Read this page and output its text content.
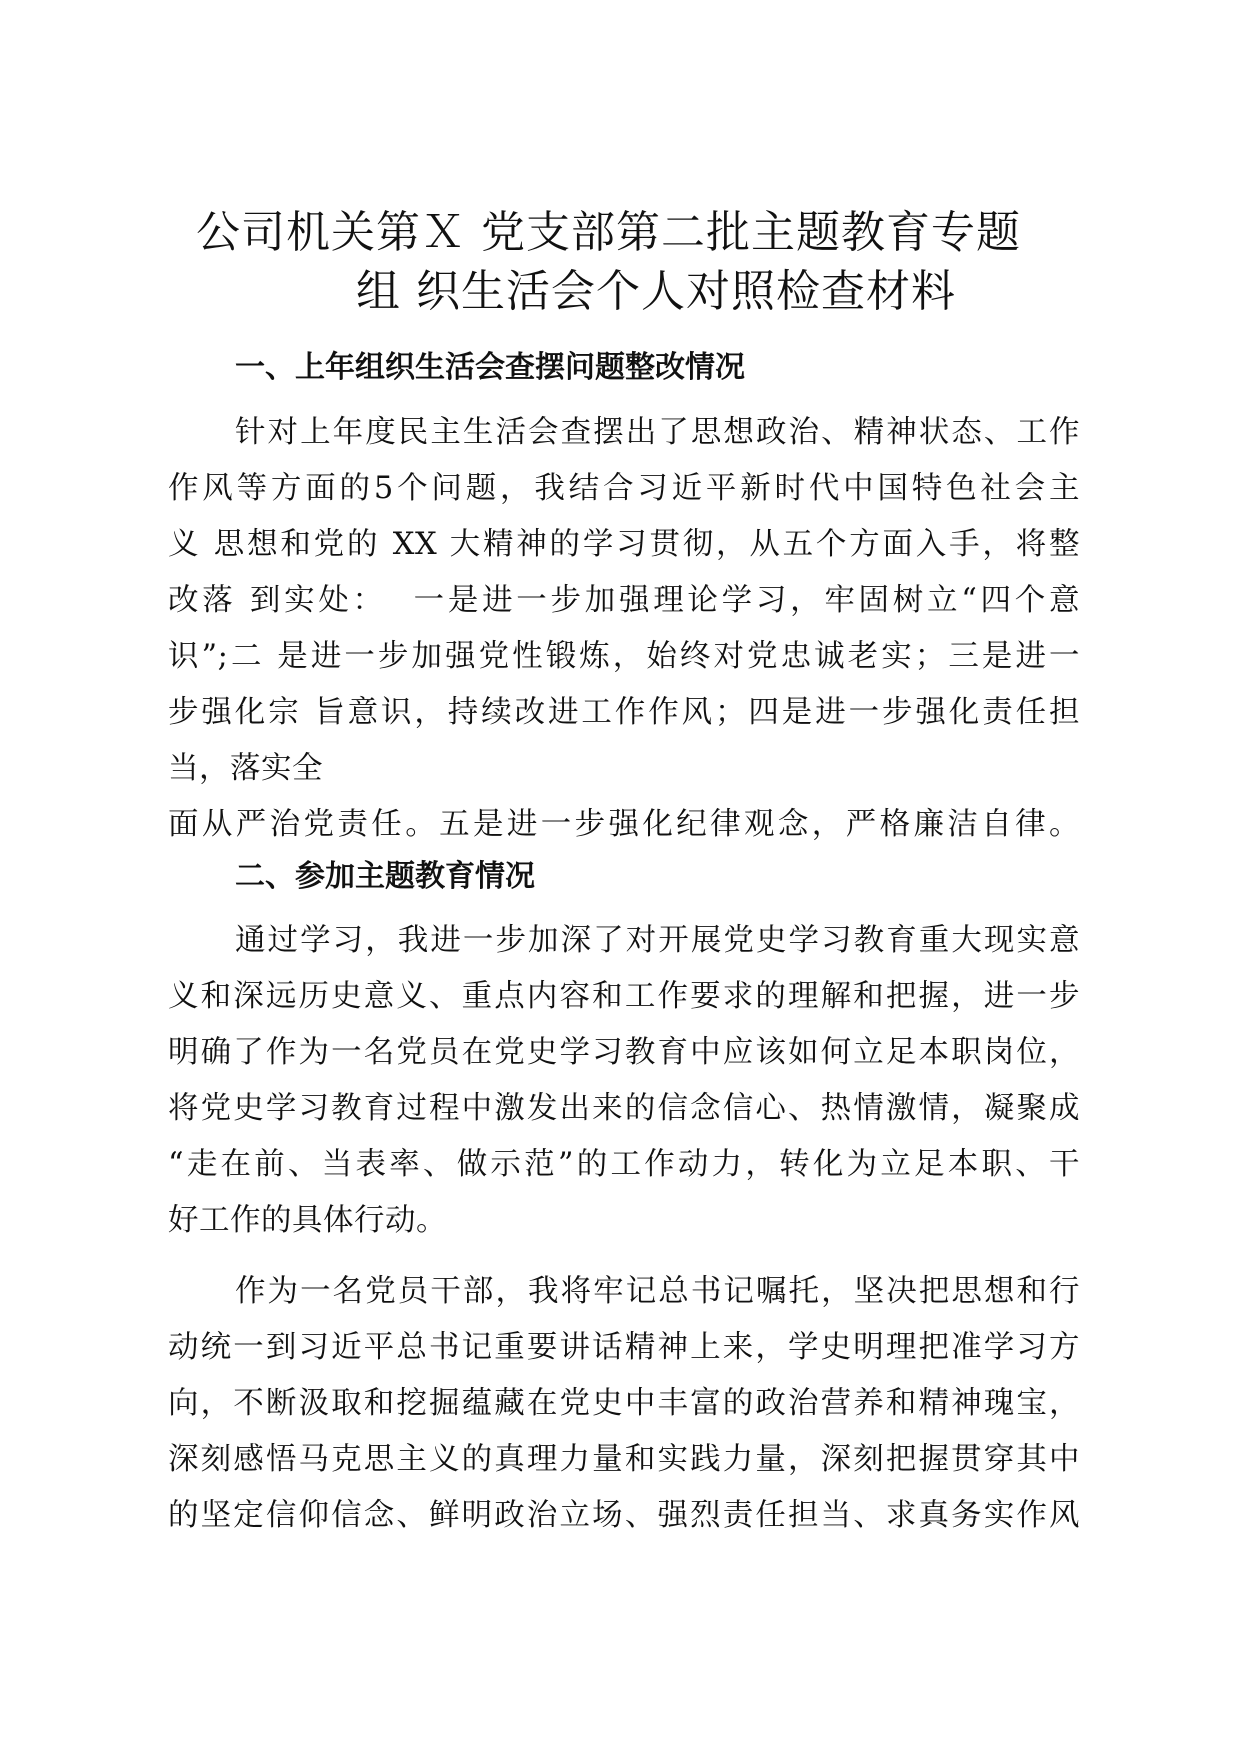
公司机关第Ｘ 党支部第二批主题教育专题
组 织生活会个人对照检查材料
一、上年组织生活会查摆问题整改情况
针对上年度民主生活会查摆出了思想政治、精神状态、工作
作风等方面的5个问题，我结合习近平新时代中国特色社会主
义 思想和党的 XX 大精神的学习贯彻，从五个方面入手，将整
改落 到实处：  一是进一步加强理论学习，牢固树立“四个意
识”;二 是进一步加强党性锻炼，始终对党忠诚老实；三是进一
步强化宗 旨意识，持续改进工作作风；四是进一步强化责任担
当，落实全
面从严治党责任。五是进一步强化纪律观念，严格廉洁自律。
二、参加主题教育情况
通过学习，我进一步加深了对开展党史学习教育重大现实意
义和深远历史意义、重点内容和工作要求的理解和把握，进一步
明确了作为一名党员在党史学习教育中应该如何立足本职岗位，
将党史学习教育过程中激发出来的信念信心、热情激情，凝聚成
“走在前、当表率、做示范”的工作动力，转化为立足本职、干
好工作的具体行动。
作为一名党员干部，我将牢记总书记嘱托，坚决把思想和行
动统一到习近平总书记重要讲话精神上来，学史明理把准学习方
向，不断汲取和挖掘蕴藏在党史中丰富的政治营养和精神瑰宝，
深刻感悟马克思主义的真理力量和实践力量，深刻把握贯穿其中
的坚定信仰信念、鲜明政治立场、强烈责任担当、求真务实作风
